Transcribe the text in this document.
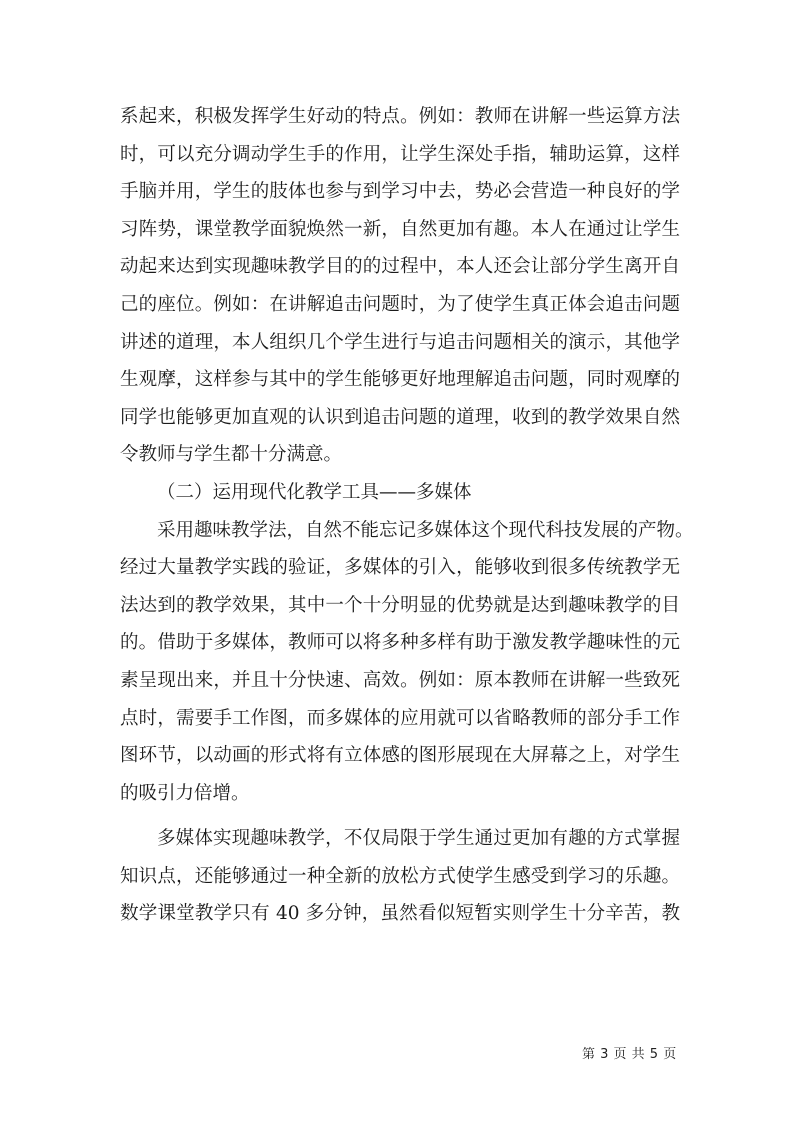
系起来，积极发挥学生好动的特点。例如：教师在讲解一些运算方法
时，可以充分调动学生手的作用，让学生深处手指，辅助运算，这样
手脑并用，学生的肢体也参与到学习中去，势必会营造一种良好的学
习阵势，课堂教学面貌焕然一新，自然更加有趣。本人在通过让学生
动起来达到实现趣味教学目的的过程中，本人还会让部分学生离开自
己的座位。例如：在讲解追击问题时，为了使学生真正体会追击问题
讲述的道理，本人组织几个学生进行与追击问题相关的演示，其他学
生观摩，这样参与其中的学生能够更好地理解追击问题，同时观摩的
同学也能够更加直观的认识到追击问题的道理，收到的教学效果自然
令教师与学生都十分满意。
（二）运用现代化教学工具——多媒体
采用趣味教学法，自然不能忘记多媒体这个现代科技发展的产物。
经过大量教学实践的验证，多媒体的引入，能够收到很多传统教学无
法达到的教学效果，其中一个十分明显的优势就是达到趣味教学的目
的。借助于多媒体，教师可以将多种多样有助于激发教学趣味性的元
素呈现出来，并且十分快速、高效。例如：原本教师在讲解一些致死
点时，需要手工作图，而多媒体的应用就可以省略教师的部分手工作
图环节，以动画的形式将有立体感的图形展现在大屏幕之上，对学生
的吸引力倍增。
多媒体实现趣味教学，不仅局限于学生通过更加有趣的方式掌握
知识点，还能够通过一种全新的放松方式使学生感受到学习的乐趣。
数学课堂教学只有 40 多分钟，虽然看似短暂实则学生十分辛苦，教
第 3 页 共 5 页
